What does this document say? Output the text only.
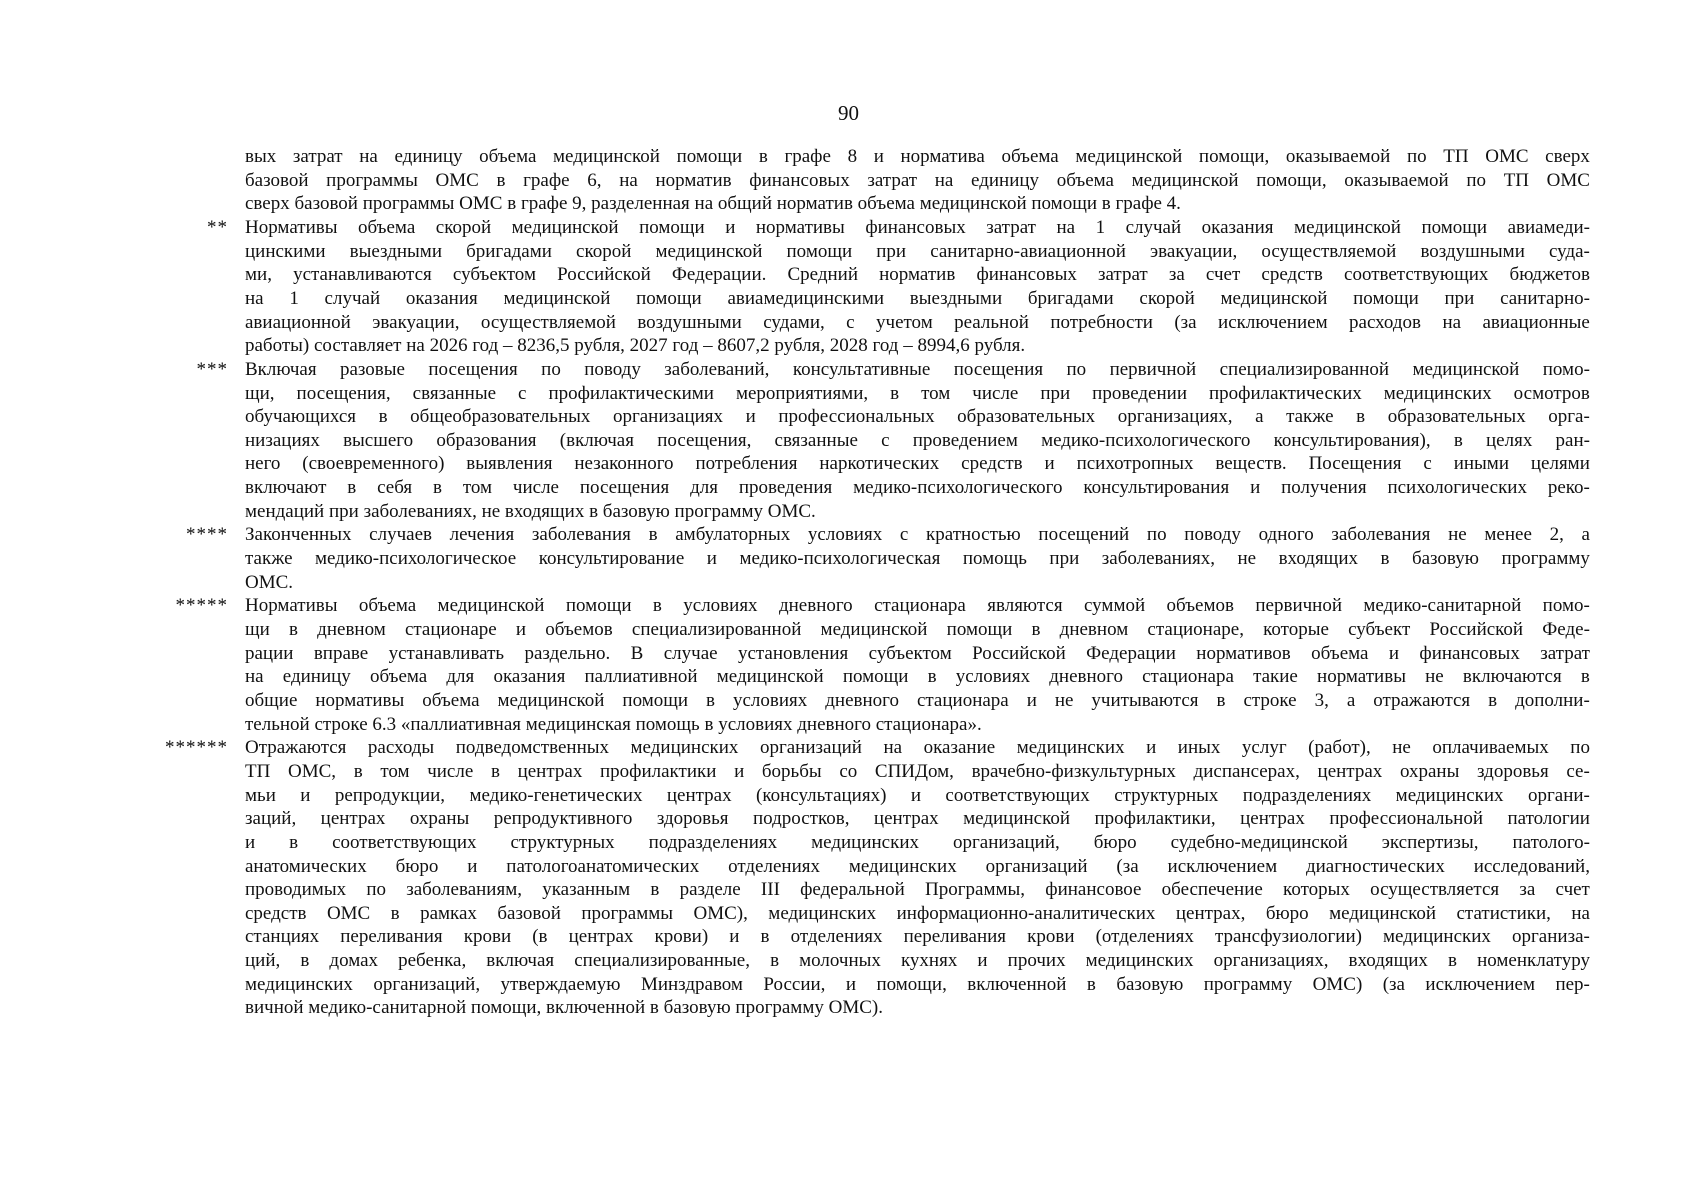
90
вых затрат на единицу объема медицинской помощи в графе 8 и норматива объема медицинской помощи, оказываемой по ТП ОМС сверх
базовой программы ОМС в графе 6, на норматив финансовых затрат на единицу объема медицинской помощи, оказываемой по ТП ОМС
сверх базовой программы ОМС в графе 9, разделенная на общий норматив объема медицинской помощи в графе 4.
** Нормативы объема скорой медицинской помощи и нормативы финансовых затрат на 1 случай оказания медицинской помощи авиамеди-
цинскими выездными бригадами скорой медицинской помощи при санитарно-авиационной эвакуации, осуществляемой воздушными суда-
ми, устанавливаются субъектом Российской Федерации. Средний норматив финансовых затрат за счет средств соответствующих бюджетов
на 1 случай оказания медицинской помощи авиамедицинскими выездными бригадами скорой медицинской помощи при санитарно-
авиационной эвакуации, осуществляемой воздушными судами, с учетом реальной потребности (за исключением расходов на авиационные
работы) составляет на 2026 год – 8236,5 рубля, 2027 год – 8607,2 рубля, 2028 год – 8994,6 рубля.
*** Включая разовые посещения по поводу заболеваний, консультативные посещения по первичной специализированной медицинской помо-
щи, посещения, связанные с профилактическими мероприятиями, в том числе при проведении профилактических медицинских осмотров
обучающихся в общеобразовательных организациях и профессиональных образовательных организациях, а также в образовательных орга-
низациях высшего образования (включая посещения, связанные с проведением медико-психологического консультирования), в целях ран-
него (своевременного) выявления незаконного потребления наркотических средств и психотропных веществ. Посещения с иными целями
включают в себя в том числе посещения для проведения медико-психологического консультирования и получения психологических реко-
мендаций при заболеваниях, не входящих в базовую программу ОМС.
**** Законченных случаев лечения заболевания в амбулаторных условиях с кратностью посещений по поводу одного заболевания не менее 2, а
также медико-психологическое консультирование и медико-психологическая помощь при заболеваниях, не входящих в базовую программу
ОМС.
***** Нормативы объема медицинской помощи в условиях дневного стационара являются суммой объемов первичной медико-санитарной помо-
щи в дневном стационаре и объемов специализированной медицинской помощи в дневном стационаре, которые субъект Российской Феде-
рации вправе устанавливать раздельно. В случае установления субъектом Российской Федерации нормативов объема и финансовых затрат
на единицу объема для оказания паллиативной медицинской помощи в условиях дневного стационара такие нормативы не включаются в
общие нормативы объема медицинской помощи в условиях дневного стационара и не учитываются в строке 3, а отражаются в дополни-
тельной строке 6.3 «паллиативная медицинская помощь в условиях дневного стационара».
****** Отражаются расходы подведомственных медицинских организаций на оказание медицинских и иных услуг (работ), не оплачиваемых по
ТП ОМС, в том числе в центрах профилактики и борьбы со СПИДом, врачебно-физкультурных диспансерах, центрах охраны здоровья се-
мьи и репродукции, медико-генетических центрах (консультациях) и соответствующих структурных подразделениях медицинских органи-
заций, центрах охраны репродуктивного здоровья подростков, центрах медицинской профилактики, центрах профессиональной патологии
и в соответствующих структурных подразделениях медицинских организаций, бюро судебно-медицинской экспертизы, патолого-
анатомических бюро и патологоанатомических отделениях медицинских организаций (за исключением диагностических исследований,
проводимых по заболеваниям, указанным в разделе III федеральной Программы, финансовое обеспечение которых осуществляется за счет
средств ОМС в рамках базовой программы ОМС), медицинских информационно-аналитических центрах, бюро медицинской статистики, на
станциях переливания крови (в центрах крови) и в отделениях переливания крови (отделениях трансфузиологии) медицинских организа-
ций, в домах ребенка, включая специализированные, в молочных кухнях и прочих медицинских организациях, входящих в номенклатуру
медицинских организаций, утверждаемую Минздравом России, и помощи, включенной в базовую программу ОМС) (за исключением пер-
вичной медико-санитарной помощи, включенной в базовую программу ОМС).
